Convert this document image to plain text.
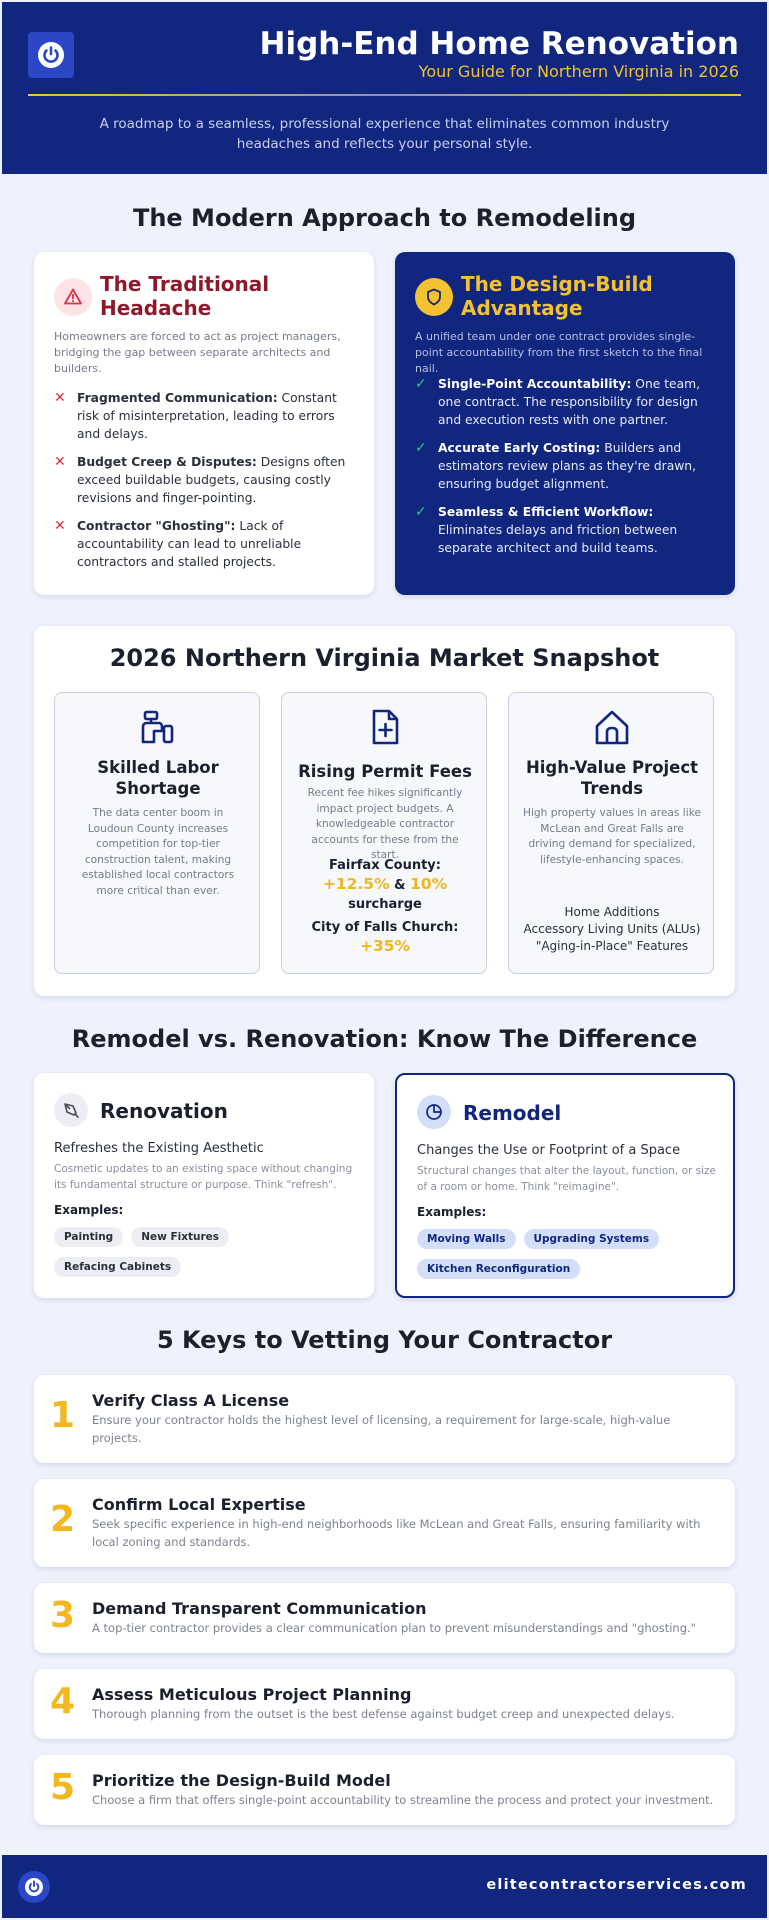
High-End Home Renovation
Your Guide for Northern Virginia in 2026
A roadmap to a seamless, professional experience that eliminates common industry headaches and reflects your personal style.
The Modern Approach to Remodeling
The Traditional Headache
Homeowners are forced to act as project managers, bridging the gap between separate architects and builders.
✕ Fragmented Communication: Constant risk of misinterpretation, leading to errors and delays.
✕ Budget Creep & Disputes: Designs often exceed buildable budgets, causing costly revisions and finger-pointing.
✕ Contractor "Ghosting": Lack of accountability can lead to unreliable contractors and stalled projects.
The Design-Build Advantage
A unified team under one contract provides single-point accountability from the first sketch to the final nail.
✓ Single-Point Accountability: One team, one contract. The responsibility for design and execution rests with one partner.
✓ Accurate Early Costing: Builders and estimators review plans as they're drawn, ensuring budget alignment.
✓ Seamless & Efficient Workflow: Eliminates delays and friction between separate architect and build teams.
2026 Northern Virginia Market Snapshot
Skilled Labor Shortage
The data center boom in Loudoun County increases competition for top-tier construction talent, making established local contractors more critical than ever.
Rising Permit Fees
Recent fee hikes significantly impact project budgets. A knowledgeable contractor accounts for these from the start.
Fairfax County:
+12.5% & 10%
surcharge
City of Falls Church:
+35%
High-Value Project Trends
High property values in areas like McLean and Great Falls are driving demand for specialized, lifestyle-enhancing spaces.
Home Additions
Accessory Living Units (ALUs)
"Aging-in-Place" Features
Remodel vs. Renovation: Know The Difference
Renovation
Refreshes the Existing Aesthetic
Cosmetic updates to an existing space without changing its fundamental structure or purpose. Think "refresh".
Examples:
Painting	New FixturesRefacing Cabinets
Remodel
Changes the Use or Footprint of a Space
Structural changes that alter the layout, function, or size of a room or home. Think "reimagine".
Examples:
Moving Walls	Upgrading SystemsKitchen Reconfiguration
5 Keys to Vetting Your Contractor
1 Verify Class A License
Ensure your contractor holds the highest level of licensing, a requirement for large-scale, high-value projects.
2 Confirm Local Expertise
Seek specific experience in high-end neighborhoods like McLean and Great Falls, ensuring familiarity with local zoning and standards.
3 Demand Transparent Communication
A top-tier contractor provides a clear communication plan to prevent misunderstandings and "ghosting."
4 Assess Meticulous Project Planning
Thorough planning from the outset is the best defense against budget creep and unexpected delays.
5 Prioritize the Design-Build Model
Choose a firm that offers single-point accountability to streamline the process and protect your investment.
elitecontractorservices.com
